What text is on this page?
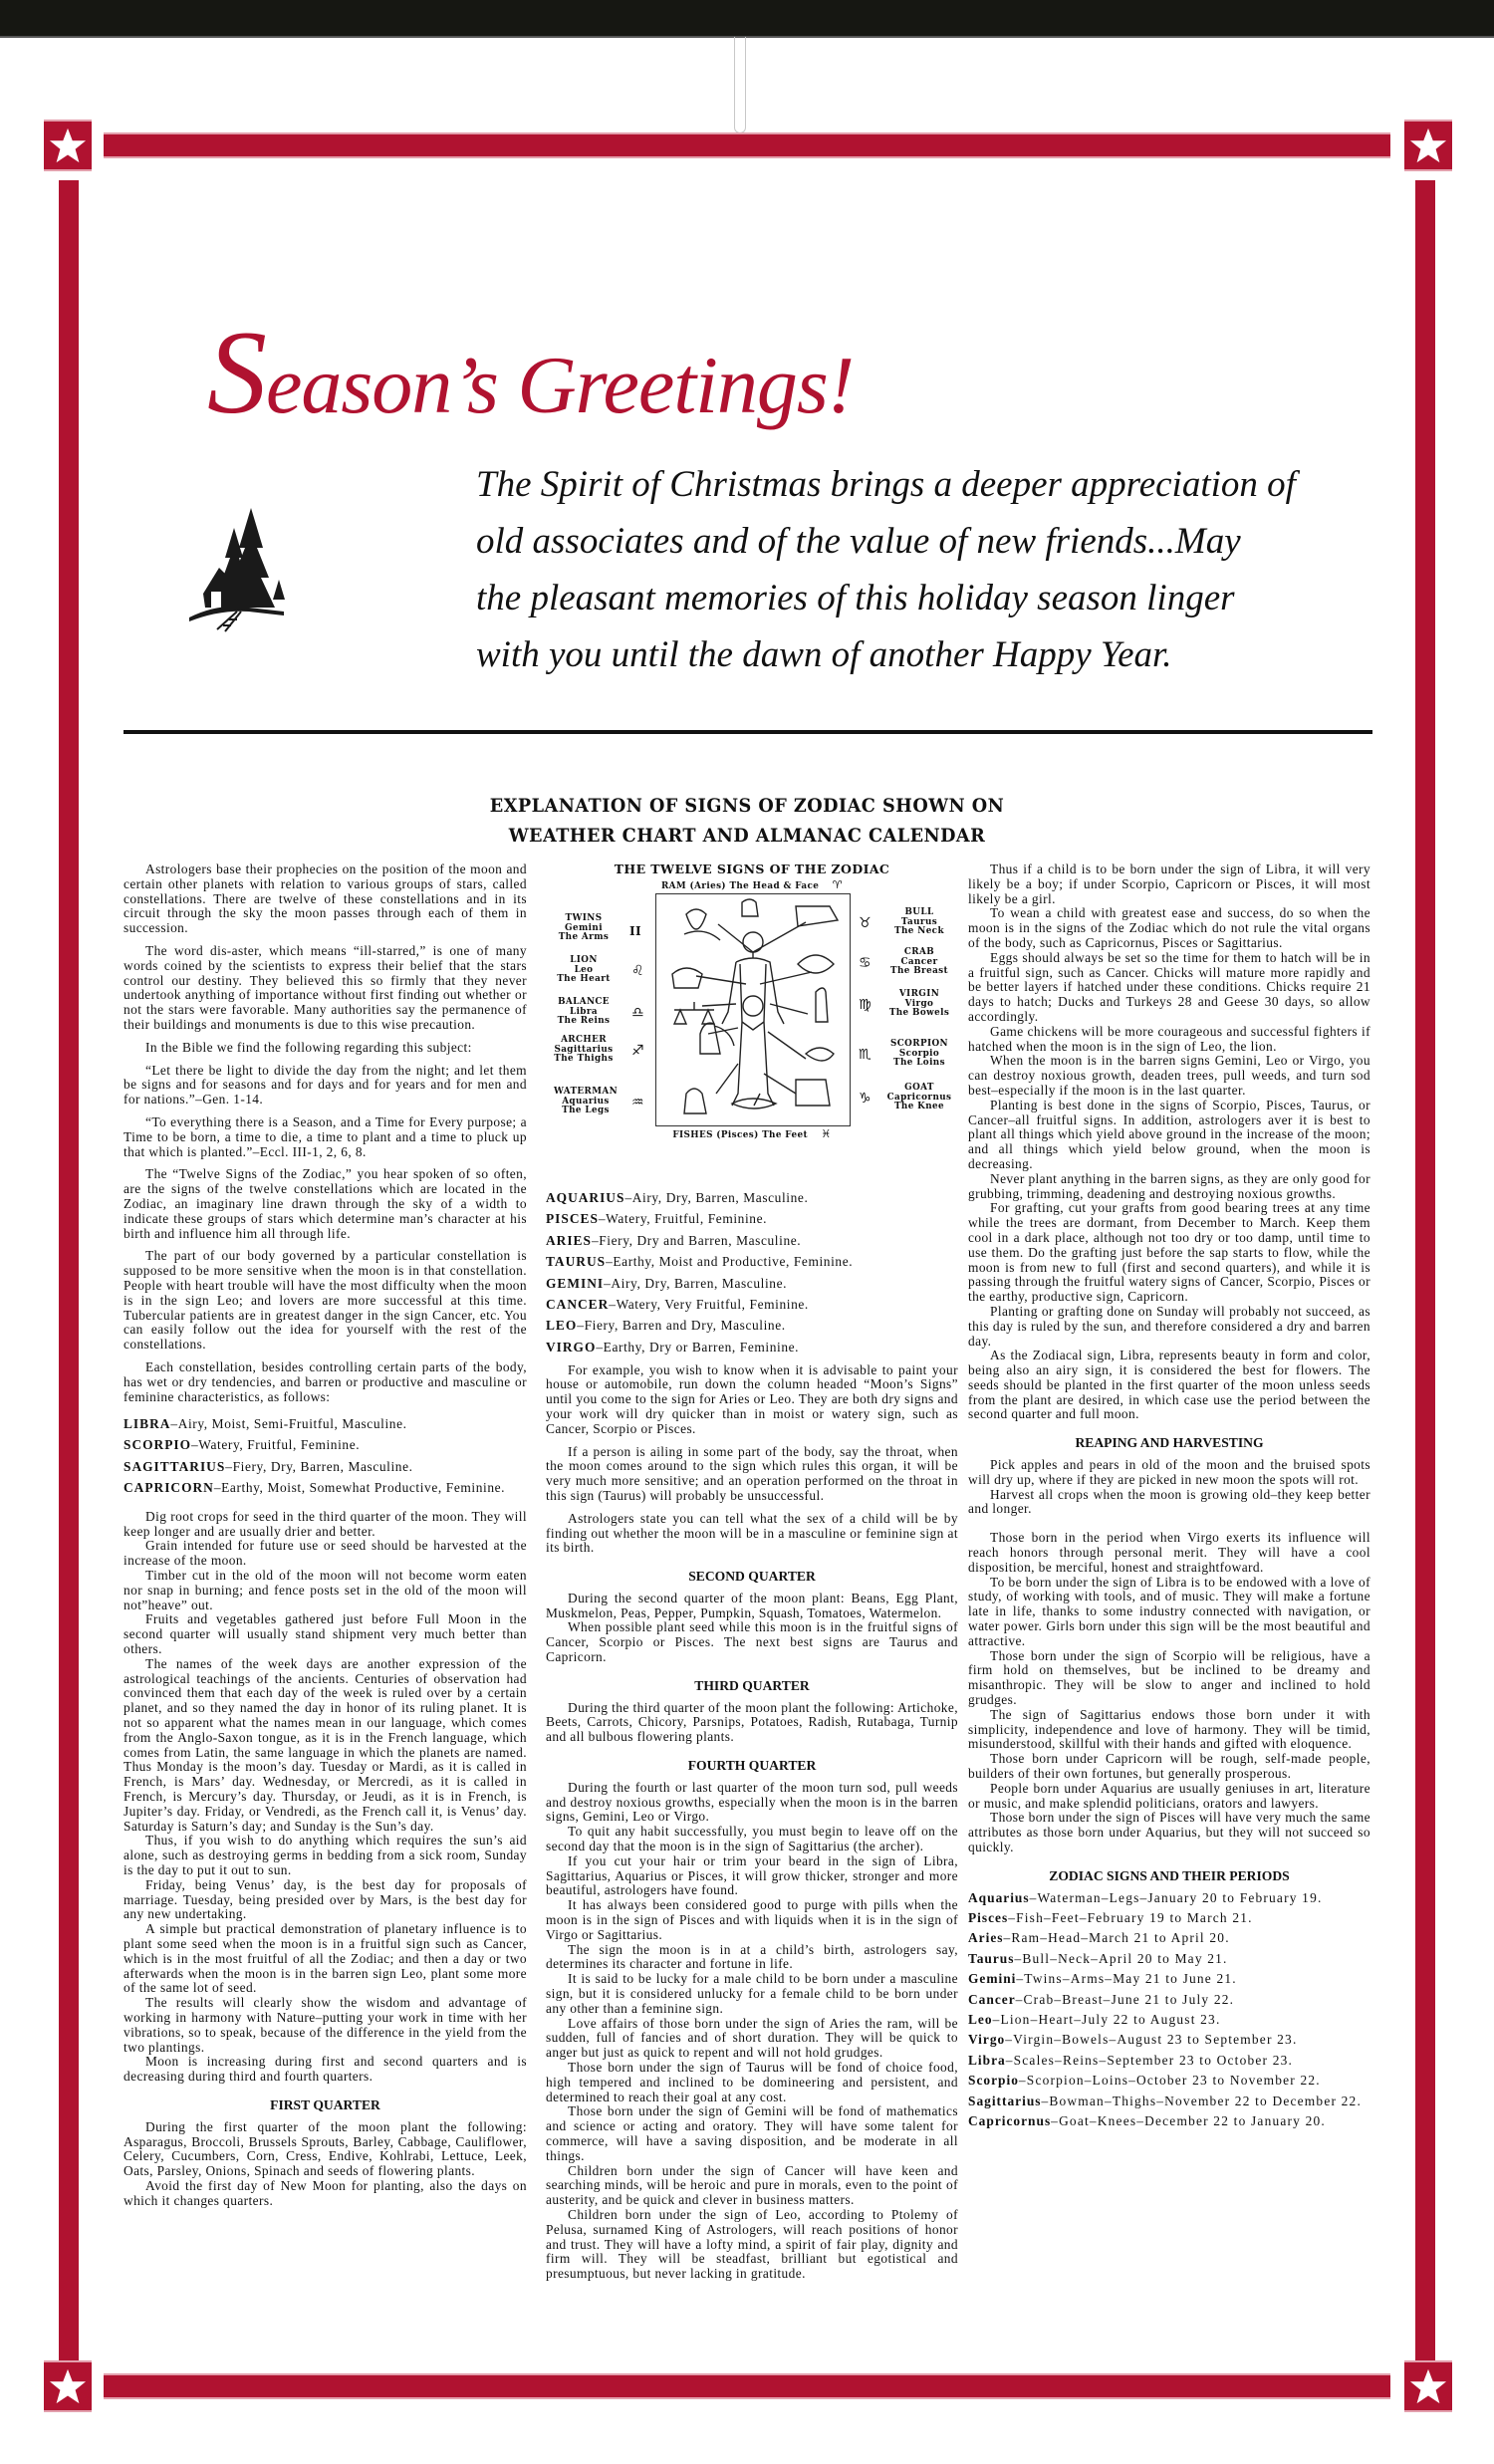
Season’s Greetings!

The Spirit of Christmas brings a deeper appreciation of

old associates and of the value of new friends...May

the pleasant memories of this holiday season linger

with you until the dawn of another Happy Year.

EXPLANATION OF SIGNS OF ZODIAC SHOWN ON
WEATHER CHART AND ALMANAC CALENDAR

Astrologers base their prophecies on the position of the moon and certain other planets with relation to various groups of stars, called constellations. There are twelve of these constellations and in its circuit through the sky the moon passes through each of them in succession.

The word dis-aster, which means “ill-starred,” is one of many words coined by the scientists to express their belief that the stars control our destiny. They believed this so firmly that they never undertook anything of importance without first finding out whether or not the stars were favorable. Many authorities say the permanence of their buildings and monuments is due to this wise precaution.

In the Bible we find the following regarding this subject:

“Let there be light to divide the day from the night; and let them be signs and for seasons and for days and for years and for men and for nations.”–Gen. 1-14.

“To everything there is a Season, and a Time for Every purpose; a Time to be born, a time to die, a time to plant and a time to pluck up that which is planted.”–Eccl. III-1, 2, 6, 8.

The “Twelve Signs of the Zodiac,” you hear spoken of so often, are the signs of the twelve constellations which are located in the Zodiac, an imaginary line drawn through the sky of a width to indicate these groups of stars which determine man’s character at his birth and influence him all through life.

The part of our body governed by a particular constellation is supposed to be more sensitive when the moon is in that constellation. People with heart trouble will have the most difficulty when the moon is in the sign Leo; and lovers are more successful at this time. Tubercular patients are in greatest danger in the sign Cancer, etc. You can easily follow out the idea for yourself with the rest of the constellations.

Each constellation, besides controlling certain parts of the body, has wet or dry tendencies, and barren or productive and masculine or feminine characteristics, as follows:

LIBRA–Airy, Moist, Semi-Fruitful, Masculine.

SCORPIO–Watery, Fruitful, Feminine.

SAGITTARIUS–Fiery, Dry, Barren, Masculine.

CAPRICORN–Earthy, Moist, Somewhat Productive, Feminine.

Dig root crops for seed in the third quarter of the moon. They will keep longer and are usually drier and better.

Grain intended for future use or seed should be harvested at the increase of the moon.

Timber cut in the old of the moon will not become worm eaten nor snap in burning; and fence posts set in the old of the moon will not”heave” out.

Fruits and vegetables gathered just before Full Moon in the second quarter will usually stand shipment very much better than others.

The names of the week days are another expression of the astrological teachings of the ancients. Centuries of observation had convinced them that each day of the week is ruled over by a certain planet, and so they named the day in honor of its ruling planet. It is not so apparent what the names mean in our language, which comes from the Anglo-Saxon tongue, as it is in the French language, which comes from Latin, the same language in which the planets are named. Thus Monday is the moon’s day. Tuesday or Mardi, as it is called in French, is Mars’ day. Wednesday, or Mercredi, as it is called in French, is Mercury’s day. Thursday, or Jeudi, as it is in French, is Jupiter’s day. Friday, or Vendredi, as the French call it, is Venus’ day. Saturday is Saturn’s day; and Sunday is the Sun’s day.

Thus, if you wish to do anything which requires the sun’s aid alone, such as destroying germs in bedding from a sick room, Sunday is the day to put it out to sun.

Friday, being Venus’ day, is the best day for proposals of marriage. Tuesday, being presided over by Mars, is the best day for any new undertaking.

A simple but practical demonstration of planetary influence is to plant some seed when the moon is in a fruitful sign such as Cancer, which is in the most fruitful of all the Zodiac; and then a day or two afterwards when the moon is in the barren sign Leo, plant some more of the same lot of seed.

The results will clearly show the wisdom and advantage of working in harmony with Nature–putting your work in time with her vibrations, so to speak, because of the difference in the yield from the two plantings.

Moon is increasing during first and second quarters and is decreasing during third and fourth quarters.

FIRST QUARTER

During the first quarter of the moon plant the following: Asparagus, Broccoli, Brussels Sprouts, Barley, Cabbage, Cauliflower, Celery, Cucumbers, Corn, Cress, Endive, Kohlrabi, Lettuce, Leek, Oats, Parsley, Onions, Spinach and seeds of flowering plants.

Avoid the first day of New Moon for planting, also the days on which it changes quarters.

THE TWELVE SIGNS OF THE ZODIAC
RAM (Aries) The Head & Face ♈
TWINS
Gemini
The Arms	II
LION
Leo
The Heart	♌
BALANCE
Libra
The Reins	♎
ARCHER
Sagittarius
The Thighs	♐
WATERMAN
Aquarius
The Legs	♒
BULL
Taurus
The Neck
♉
CRAB
Cancer
The Breast
♋
VIRGIN
Virgo
The Bowels
♍
SCORPION
Scorpio
The Loins
♏
GOAT
Capricornus
The Knee
♑
FISHES (Pisces) The Feet ♓

AQUARIUS–Airy, Dry, Barren, Masculine.

PISCES–Watery, Fruitful, Feminine.

ARIES–Fiery, Dry and Barren, Masculine.

TAURUS–Earthy, Moist and Productive, Feminine.

GEMINI–Airy, Dry, Barren, Masculine.

CANCER–Watery, Very Fruitful, Feminine.

LEO–Fiery, Barren and Dry, Masculine.

VIRGO–Earthy, Dry or Barren, Feminine.

For example, you wish to know when it is advisable to paint your house or automobile, run down the column headed “Moon’s Signs” until you come to the sign for Aries or Leo. They are both dry signs and your work will dry quicker than in moist or watery sign, such as Cancer, Scorpio or Pisces.

If a person is ailing in some part of the body, say the throat, when the moon comes around to the sign which rules this organ, it will be very much more sensitive; and an operation performed on the throat in this sign (Taurus) will probably be unsuccessful.

Astrologers state you can tell what the sex of a child will be by finding out whether the moon will be in a masculine or feminine sign at its birth.

SECOND QUARTER

During the second quarter of the moon plant: Beans, Egg Plant, Muskmelon, Peas, Pepper, Pumpkin, Squash, Tomatoes, Watermelon.

When possible plant seed while this moon is in the fruitful signs of Cancer, Scorpio or Pisces. The next best signs are Taurus and Capricorn.

THIRD QUARTER

During the third quarter of the moon plant the following: Artichoke, Beets, Carrots, Chicory, Parsnips, Potatoes, Radish, Rutabaga, Turnip and all bulbous flowering plants.

FOURTH QUARTER

During the fourth or last quarter of the moon turn sod, pull weeds and destroy noxious growths, especially when the moon is in the barren signs, Gemini, Leo or Virgo.

To quit any habit successfully, you must begin to leave off on the second day that the moon is in the sign of Sagittarius (the archer).

If you cut your hair or trim your beard in the sign of Libra, Sagittarius, Aquarius or Pisces, it will grow thicker, stronger and more beautiful, astrologers have found.

It has always been considered good to purge with pills when the moon is in the sign of Pisces and with liquids when it is in the sign of Virgo or Sagittarius.

The sign the moon is in at a child’s birth, astrologers say, determines its character and fortune in life.

It is said to be lucky for a male child to be born under a masculine sign, but it is considered unlucky for a female child to be born under any other than a feminine sign.

Love affairs of those born under the sign of Aries the ram, will be sudden, full of fancies and of short duration. They will be quick to anger but just as quick to repent and will not hold grudges.

Those born under the sign of Taurus will be fond of choice food, high tempered and inclined to be domineering and persistent, and determined to reach their goal at any cost.

Those born under the sign of Gemini will be fond of mathematics and science or acting and oratory. They will have some talent for commerce, will have a saving disposition, and be moderate in all things.

Children born under the sign of Cancer will have keen and searching minds, will be heroic and pure in morals, even to the point of austerity, and be quick and clever in business matters.

Children born under the sign of Leo, according to Ptolemy of Pelusa, surnamed King of Astrologers, will reach positions of honor and trust. They will have a lofty mind, a spirit of fair play, dignity and firm will. They will be steadfast, brilliant but egotistical and presumptuous, but never lacking in gratitude.

Thus if a child is to be born under the sign of Libra, it will very likely be a boy; if under Scorpio, Capricorn or Pisces, it will most likely be a girl.

To wean a child with greatest ease and success, do so when the moon is in the signs of the Zodiac which do not rule the vital organs of the body, such as Capricornus, Pisces or Sagittarius.

Eggs should always be set so the time for them to hatch will be in a fruitful sign, such as Cancer. Chicks will mature more rapidly and be better layers if hatched under these conditions. Chicks require 21 days to hatch; Ducks and Turkeys 28 and Geese 30 days, so allow accordingly.

Game chickens will be more courageous and successful fighters if hatched when the moon is in the sign of Leo, the lion.

When the moon is in the barren signs Gemini, Leo or Virgo, you can destroy noxious growth, deaden trees, pull weeds, and turn sod best–especially if the moon is in the last quarter.

Planting is best done in the signs of Scorpio, Pisces, Taurus, or Cancer–all fruitful signs. In addition, astrologers aver it is best to plant all things which yield above ground in the increase of the moon; and all things which yield below ground, when the moon is decreasing.

Never plant anything in the barren signs, as they are only good for grubbing, trimming, deadening and destroying noxious growths.

For grafting, cut your grafts from good bearing trees at any time while the trees are dormant, from December to March. Keep them cool in a dark place, although not too dry or too damp, until time to use them. Do the grafting just before the sap starts to flow, while the moon is from new to full (first and second quarters), and while it is passing through the fruitful watery signs of Cancer, Scorpio, Pisces or the earthy, productive sign, Capricorn.

Planting or grafting done on Sunday will probably not succeed, as this day is ruled by the sun, and therefore considered a dry and barren day.

As the Zodiacal sign, Libra, represents beauty in form and color, being also an airy sign, it is considered the best for flowers. The seeds should be planted in the first quarter of the moon unless seeds from the plant are desired, in which case use the period between the second quarter and full moon.

REAPING AND HARVESTING

Pick apples and pears in old of the moon and the bruised spots will dry up, where if they are picked in new moon the spots will rot.

Harvest all crops when the moon is growing old–they keep better and longer.

Those born in the period when Virgo exerts its influence will reach honors through personal merit. They will have a cool disposition, be merciful, honest and straightfoward.

To be born under the sign of Libra is to be endowed with a love of study, of working with tools, and of music. They will make a fortune late in life, thanks to some industry connected with navigation, or water power. Girls born under this sign will be the most beautiful and attractive.

Those born under the sign of Scorpio will be religious, have a firm hold on themselves, but be inclined to be dreamy and misanthropic. They will be slow to anger and inclined to hold grudges.

The sign of Sagittarius endows those born under it with simplicity, independence and love of harmony. They will be timid, misunderstood, skillful with their hands and gifted with eloquence.

Those born under Capricorn will be rough, self-made people, builders of their own fortunes, but generally prosperous.

People born under Aquarius are usually geniuses in art, literature or music, and make splendid politicians, orators and lawyers.

Those born under the sign of Pisces will have very much the same attributes as those born under Aquarius, but they will not succeed so quickly.

ZODIAC SIGNS AND THEIR PERIODS

Aquarius–Waterman–Legs–January 20 to February 19.

Pisces–Fish–Feet–February 19 to March 21.

Aries–Ram–Head–March 21 to April 20.

Taurus–Bull–Neck–April 20 to May 21.

Gemini–Twins–Arms–May 21 to June 21.

Cancer–Crab–Breast–June 21 to July 22.

Leo–Lion–Heart–July 22 to August 23.

Virgo–Virgin–Bowels–August 23 to September 23.

Libra–Scales–Reins–September 23 to October 23.

Scorpio–Scorpion–Loins–October 23 to November 22.

Sagittarius–Bowman–Thighs–November 22 to December 22.

Capricornus–Goat–Knees–December 22 to January 20.
